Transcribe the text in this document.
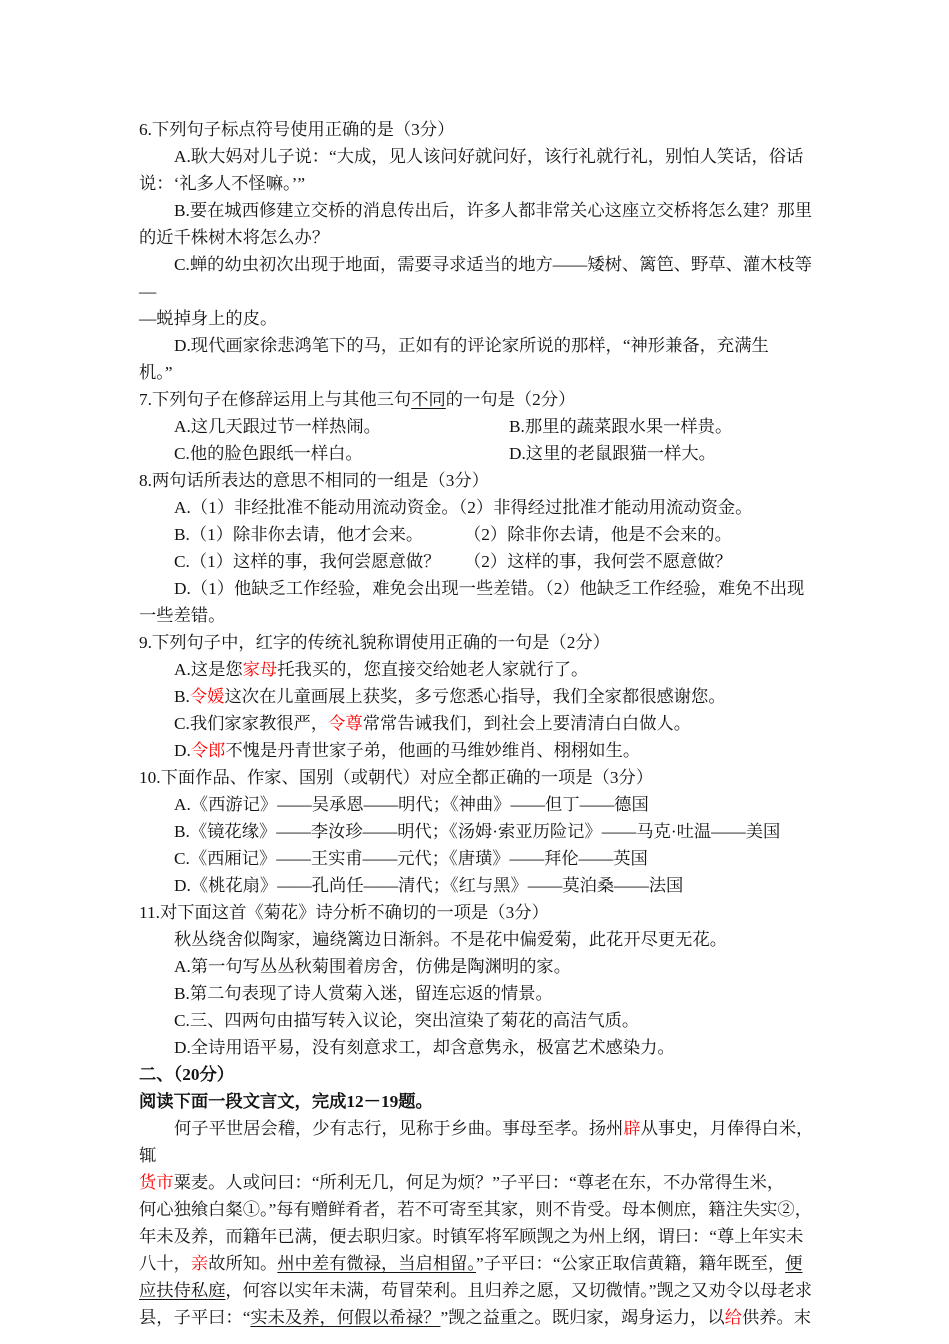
6.下列句子标点符号使用正确的是（3分）
A.耿大妈对儿子说：“大成，见人该问好就问好，该行礼就行礼，别怕人笑话，俗话
说：‘礼多人不怪嘛。’”
B.要在城西修建立交桥的消息传出后，许多人都非常关心这座立交桥将怎么建？那里
的近千株树木将怎么办？
C.蝉的幼虫初次出现于地面，需要寻求适当的地方——矮树、篱笆、野草、灌木枝等—
—蜕掉身上的皮。
D.现代画家徐悲鸿笔下的马，正如有的评论家所说的那样，“神形兼备，充满生
机。”
7.下列句子在修辞运用上与其他三句不同的一句是（2分）
A.这几天跟过节一样热闹。	B.那里的蔬菜跟水果一样贵。
C.他的脸色跟纸一样白。	D.这里的老鼠跟猫一样大。
8.两句话所表达的意思不相同的一组是（3分）
A.（1）非经批准不能动用流动资金。（2）非得经过批准才能动用流动资金。
B.（1）除非你去请，他才会来。 （2）除非你去请，他是不会来的。
C.（1）这样的事，我何尝愿意做？ （2）这样的事，我何尝不愿意做？
D.（1）他缺乏工作经验，难免会出现一些差错。（2）他缺乏工作经验，难免不出现
一些差错。
9.下列句子中，红字的传统礼貌称谓使用正确的一句是（2分）
A.这是您家母托我买的，您直接交给她老人家就行了。
B.令媛这次在儿童画展上获奖，多亏您悉心指导，我们全家都很感谢您。
C.我们家家教很严，令尊常常告诫我们，到社会上要清清白白做人。
D.令郎不愧是丹青世家子弟，他画的马维妙维肖、栩栩如生。
10.下面作品、作家、国别（或朝代）对应全都正确的一项是（3分）
A.《西游记》——吴承恩——明代；《神曲》——但丁——德国
B.《镜花缘》——李汝珍——明代；《汤姆·索亚历险记》——马克·吐温——美国
C.《西厢记》——王实甫——元代；《唐璜》——拜伦——英国
D.《桃花扇》——孔尚任——清代；《红与黑》——莫泊桑——法国
11.对下面这首《菊花》诗分析不确切的一项是（3分）
秋丛绕舍似陶家，遍绕篱边日渐斜。不是花中偏爱菊，此花开尽更无花。
A.第一句写丛丛秋菊围着房舍，仿佛是陶渊明的家。
B.第二句表现了诗人赏菊入迷，留连忘返的情景。
C.三、四两句由描写转入议论，突出渲染了菊花的高洁气质。
D.全诗用语平易，没有刻意求工，却含意隽永，极富艺术感染力。
二、（20分）
阅读下面一段文言文，完成12－19题。
何子平世居会稽，少有志行，见称于乡曲。事母至孝。扬州辟从事史，月俸得白米，辄
货市粟麦。人或问曰：“所利无几，何足为烦？”子平曰：“尊老在东，不办常得生米，
何心独飨白粲①。”每有赠鲜肴者，若不可寄至其家，则不肯受。母本侧庶，籍注失实②，
年未及养，而籍年已满，便去职归家。时镇军将军顾觊之为州上纲，谓曰：“尊上年实未
八十，亲故所知。州中差有微禄，当启相留。”子平曰：“公家正取信黄籍，籍年既至，便
应扶侍私庭，何容以实年未满，苟冒荣利。且归养之愿，又切微情。”觊之又劝令以母老求
县，子平曰：“实未及养，何假以希禄？”觊之益重之。既归家，竭身运力，以给供养。末
